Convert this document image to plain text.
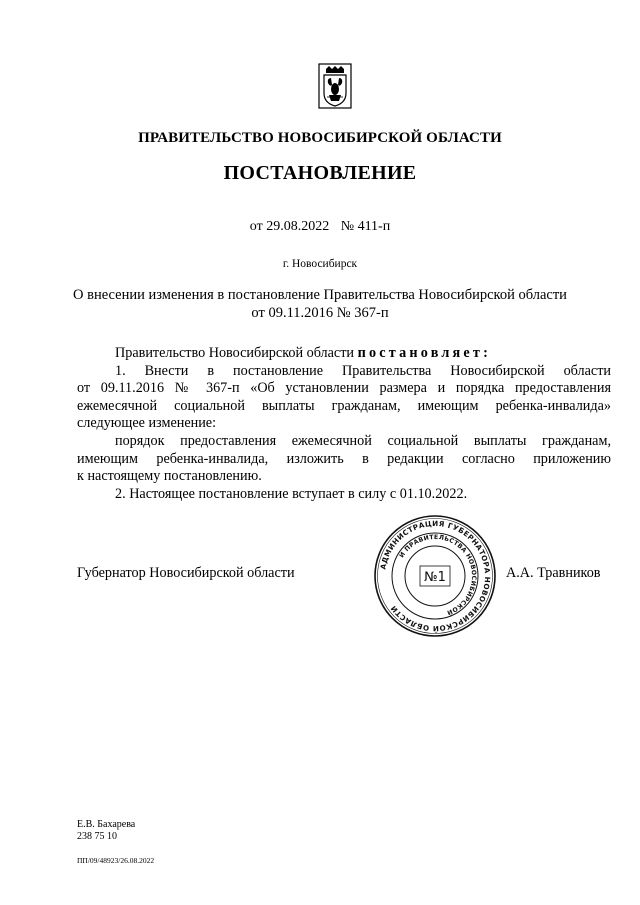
ПРАВИТЕЛЬСТВО НОВОСИБИРСКОЙ ОБЛАСТИ
ПОСТАНОВЛЕНИЕ
от 29.08.2022 № 411-п
г. Новосибирск
О внесении изменения в постановление Правительства Новосибирской области
от 09.11.2016 № 367-п

Правительство Новосибирской области постановляет:

1. Внести в постановление Правительства Новосибирской области

от 09.11.2016 № 367-п «Об установлении размера и порядка предоставления

ежемесячной социальной выплаты гражданам, имеющим ребенка-инвалида»

следующее изменение:

порядок предоставления ежемесячной социальной выплаты гражданам,

имеющим ребенка-инвалида, изложить в редакции согласно приложению

к настоящему постановлению.

2. Настоящее постановление вступает в силу с 01.10.2022.

Губернатор Новосибирской области	АДМИНИСТРАЦИЯ ГУБЕРНАТОРА НОВОСИБИРСКОЙ ОБЛАСТИ
И ПРАВИТЕЛЬСТВА НОВОСИБИРСКОЙ
№1	А.А. Травников
Е.В. Бахарева
238 75 10
ПП/09/48923/26.08.2022
